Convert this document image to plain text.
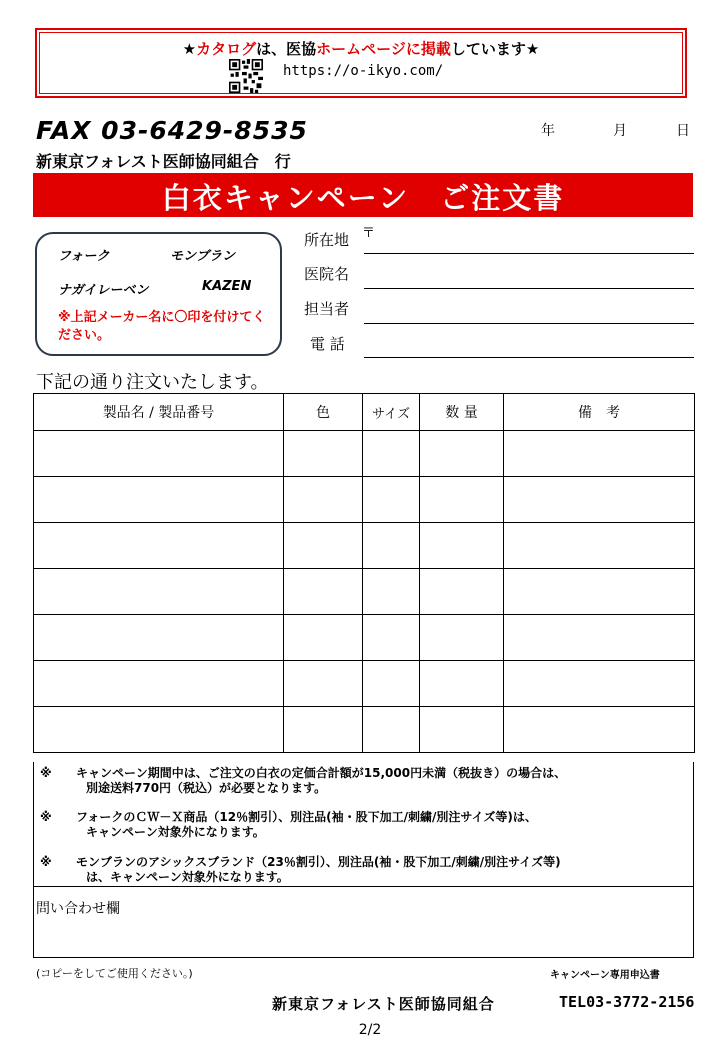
★カタログは、医協ホームページに掲載しています★
https://o-ikyo.com/
FAX 03-6429-8535	年	月	日
新東京フォレスト医師協同組合　行
白衣キャンペーン　ご注文書
フォーク	モンブラン
ナガイレーベン	KAZEN
※上記メーカー名に〇印を付けてください。
所在地 〒
医院名
担当者
電 話
下記の通り注文いたします。
製品名 / 製品番号	色	サイズ	数 量	備　考

※ キャンペーン期間中は、ご注文の白衣の定価合計額が15,000円未満（税抜き）の場合は、
別途送料770円（税込）が必要となります。
※ フォークのＣＷ－Ｘ商品（12％割引）、別注品(袖・股下加工/刺繍/別注サイズ等)は、
キャンペーン対象外になります。
※ モンブランのアシックスブランド（23％割引）、別注品(袖・股下加工/刺繍/別注サイズ等)
は、キャンペーン対象外になります。
問い合わせ欄
(コピーをしてご使用ください。)	キャンペーン専用申込書
新東京フォレスト医師協同組合	TEL03-3772-2156
2/2
